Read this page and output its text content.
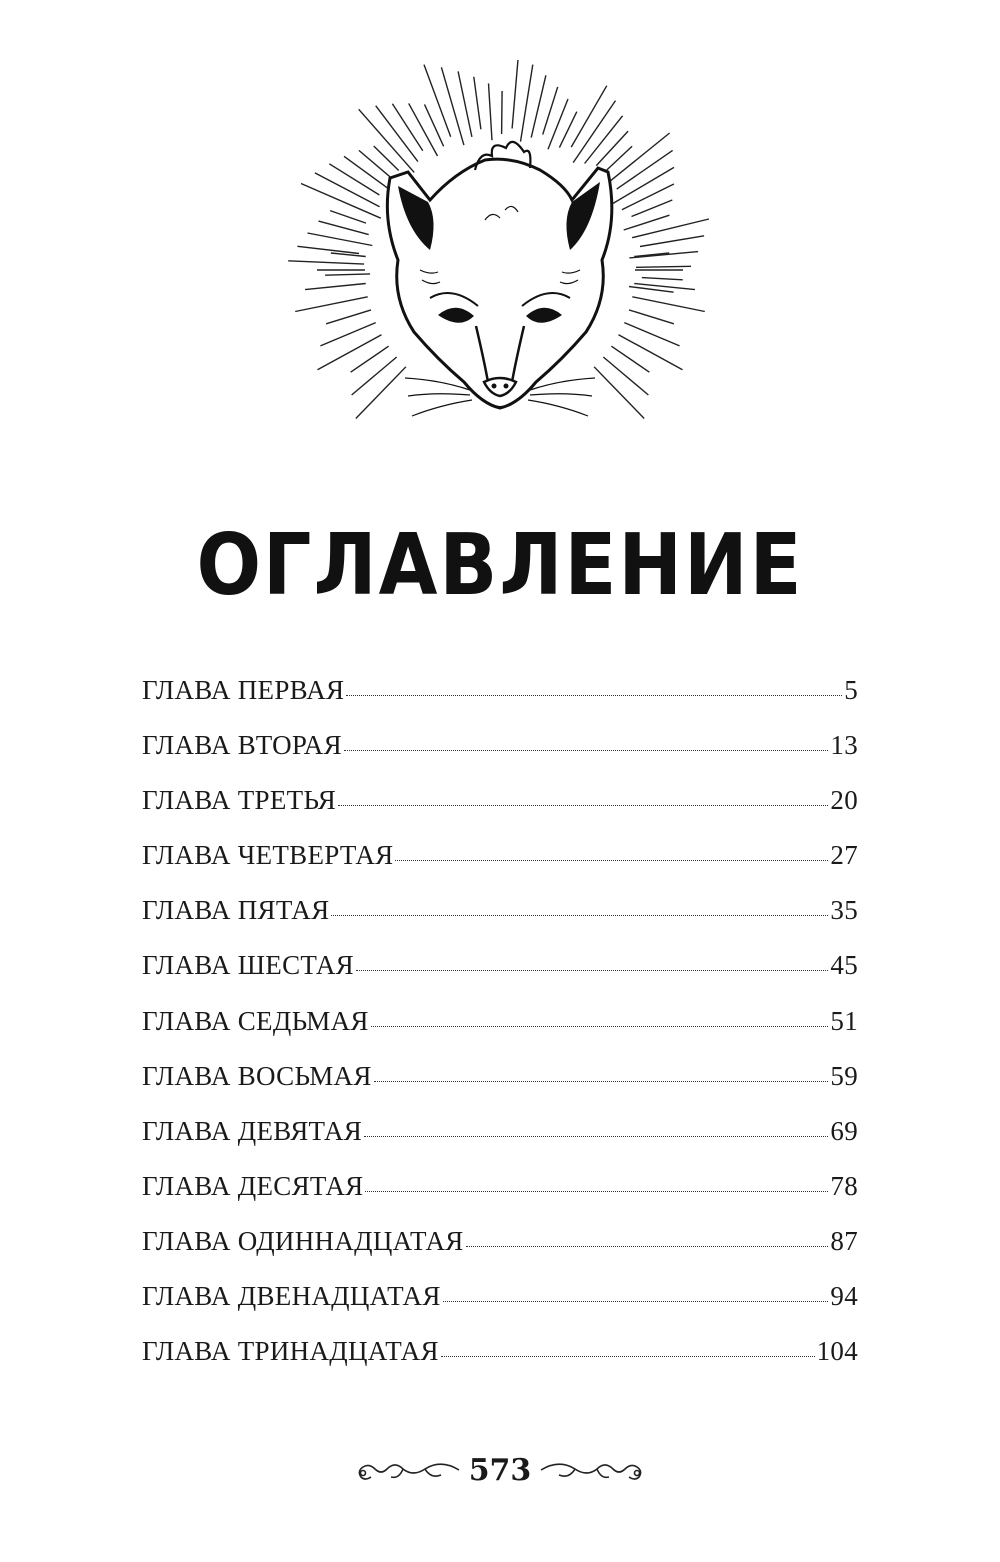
ОГЛАВЛЕНИЕ
ГЛАВА ПЕРВАЯ	5
ГЛАВА ВТОРАЯ	13
ГЛАВА ТРЕТЬЯ	20
ГЛАВА ЧЕТВЕРТАЯ	27
ГЛАВА ПЯТАЯ	35
ГЛАВА ШЕСТАЯ	45
ГЛАВА СЕДЬМАЯ	51
ГЛАВА ВОСЬМАЯ	59
ГЛАВА ДЕВЯТАЯ	69
ГЛАВА ДЕСЯТАЯ	78
ГЛАВА ОДИННАДЦАТАЯ	87
ГЛАВА ДВЕНАДЦАТАЯ	94
ГЛАВА ТРИНАДЦАТАЯ	104
573
